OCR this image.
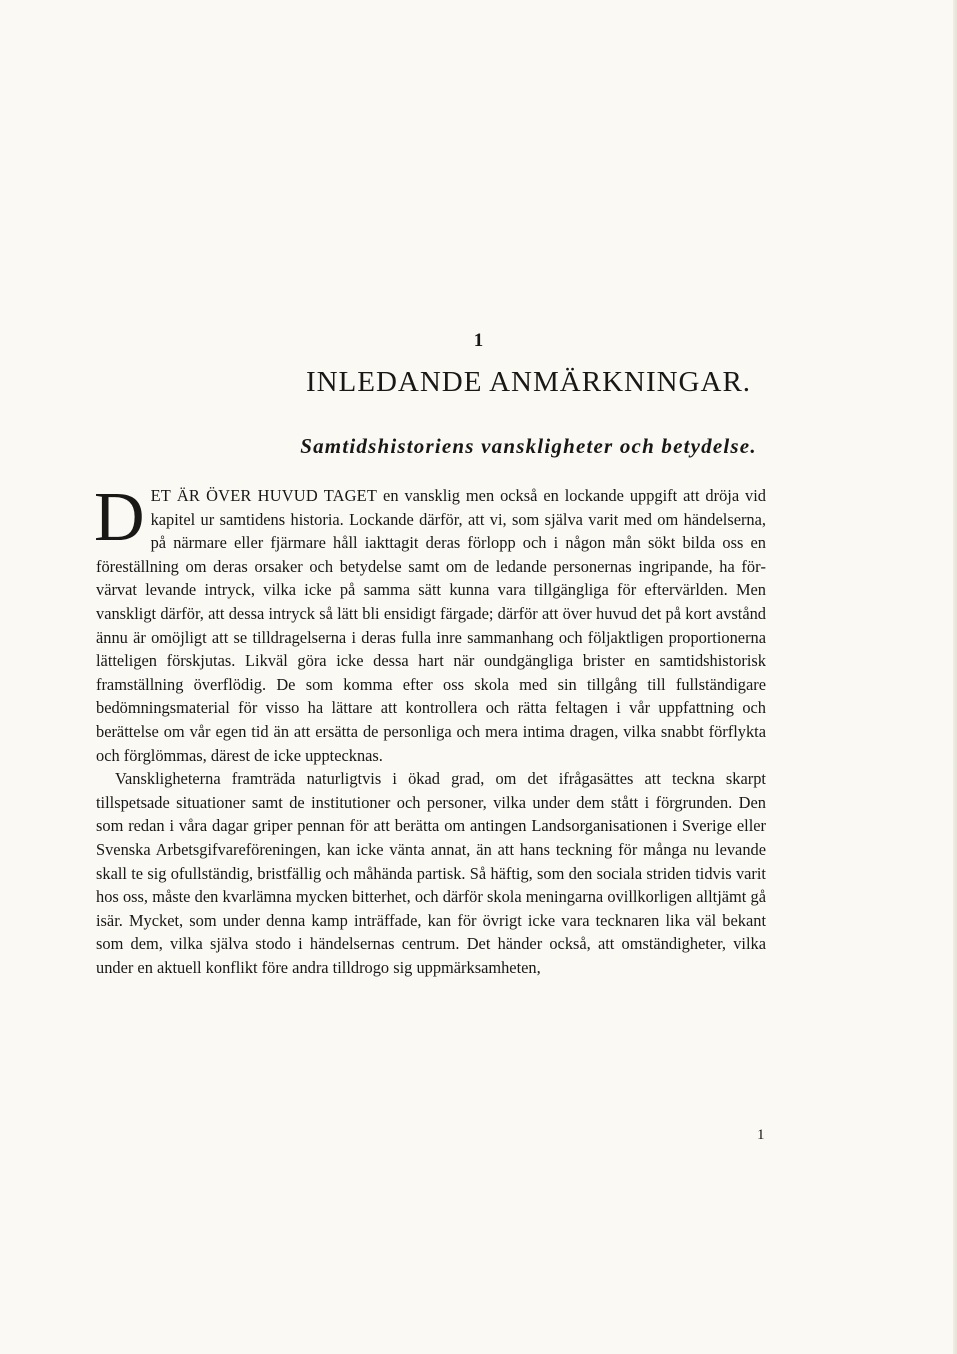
1
INLEDANDE ANMÄRKNINGAR.
Samtidshistoriens vanskligheter och betydelse.

DET ÄR ÖVER HUVUD TAGET en vansklig men också en lockande uppgift att dröja vid kapitel ur samtidens historia. Lockande därför, att vi, som själva varit med om händelserna, på närmare eller fjärmare håll iakttagit deras förlopp och i någon mån sökt bilda oss en föreställning om deras orsaker och betydelse samt om de ledande personernas ingripande, ha förvärvat levande intryck, vilka icke på samma sätt kunna vara tillgängliga för eftervärlden. Men vanskligt därför, att dessa intryck så lätt bli ensidigt färgade; därför att över huvud det på kort avstånd ännu är omöjligt att se tilldragelserna i deras fulla inre sammanhang och följaktligen proportionerna lätteligen förskjutas. Likväl göra icke dessa hart när oundgängliga brister en samtidshistorisk framställning överflödig. De som komma efter oss skola med sin tillgång till fullständigare bedömningsmaterial för visso ha lättare att kontrollera och rätta feltagen i vår uppfattning och berättelse om vår egen tid än att ersätta de personliga och mera intima dragen, vilka snabbt förflykta och förglömmas, därest de icke upptecknas.

Vanskligheterna framträda naturligtvis i ökad grad, om det ifrågasättes att teckna skarpt tillspetsade situationer samt de institutioner och personer, vilka under dem stått i förgrunden. Den som redan i våra dagar griper pennan för att berätta om antingen Landsorganisationen i Sverige eller Svenska Arbetsgifvareföreningen, kan icke vänta annat, än att hans teckning för många nu levande skall te sig ofullständig, bristfällig och måhända partisk. Så häftig, som den sociala striden tidvis varit hos oss, måste den kvarlämna mycken bitterhet, och därför skola meningarna ovillkorligen alltjämt gå isär. Mycket, som under denna kamp inträffade, kan för övrigt icke vara tecknaren lika väl bekant som dem, vilka själva stodo i händelsernas centrum. Det händer också, att omständigheter, vilka under en aktuell konflikt före andra tilldrogo sig uppmärksamheten,

1
